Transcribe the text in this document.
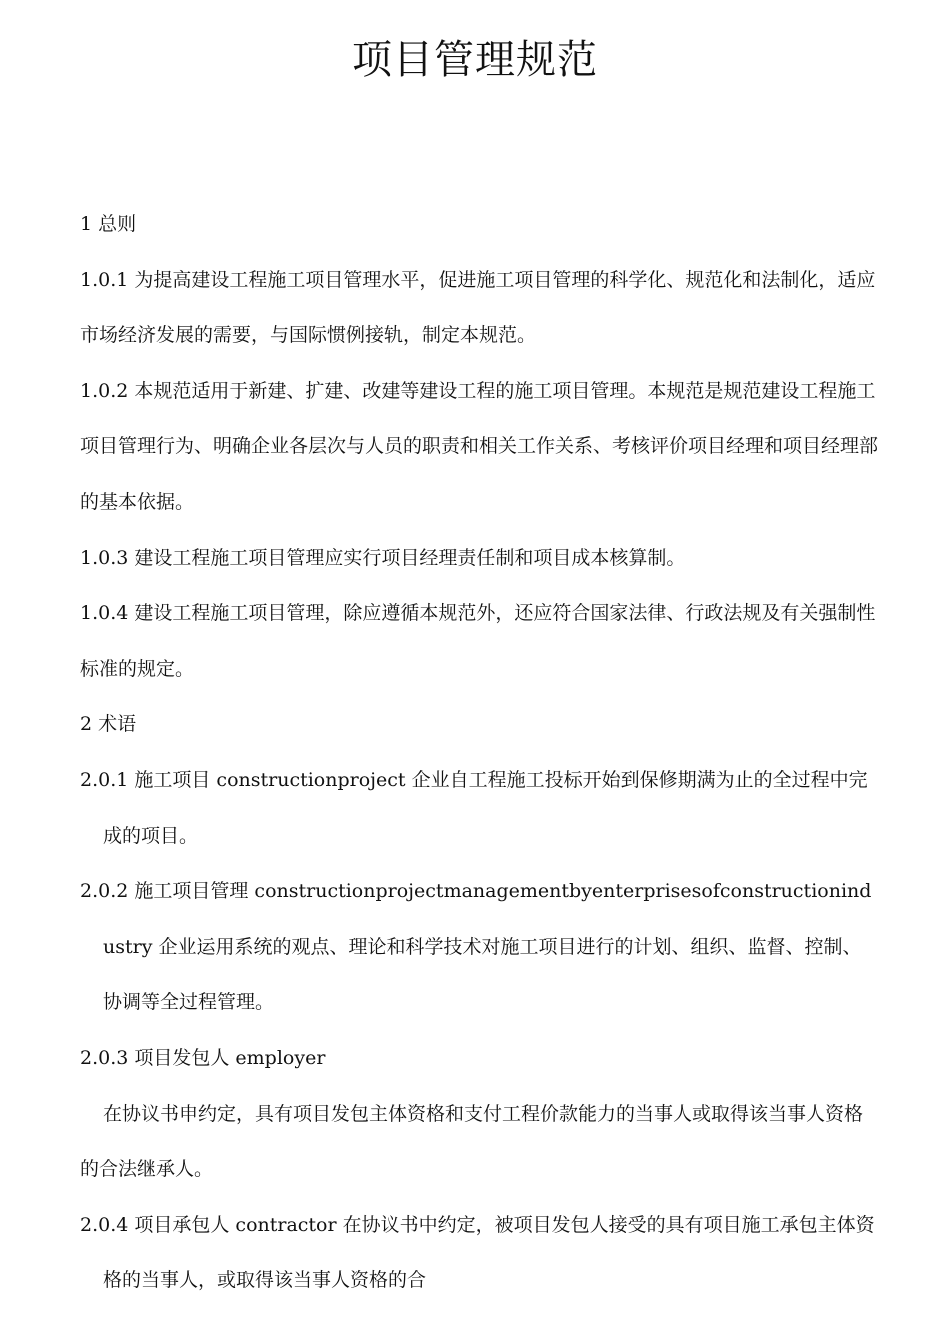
项目管理规范

1 总则

1.0.1 为提高建设工程施工项目管理水平，促进施工项目管理的科学化、规范化和法制化，适应市场经济发展的需要，与国际惯例接轨，制定本规范。

1.0.2 本规范适用于新建、扩建、改建等建设工程的施工项目管理。本规范是规范建设工程施工项目管理行为、明确企业各层次与人员的职责和相关工作关系、考核评价项目经理和项目经理部的基本依据。

1.0.3 建设工程施工项目管理应实行项目经理责任制和项目成本核算制。

1.0.4 建设工程施工项目管理，除应遵循本规范外，还应符合国家法律、行政法规及有关强制性标准的规定。

2 术语

2.0.1 施工项目 constructionproject 企业自工程施工投标开始到保修期满为止的全过程中完成的项目。

2.0.2 施工项目管理 constructionprojectmanagementbyenterprisesofconstructionindustry 企业运用系统的观点、理论和科学技术对施工项目进行的计划、组织、监督、控制、协调等全过程管理。

2.0.3 项目发包人 employer

在协议书申约定，具有项目发包主体资格和支付工程价款能力的当事人或取得该当事人资格的合法继承人。

2.0.4 项目承包人 contractor 在协议书中约定，被项目发包人接受的具有项目施工承包主体资格的当事人，或取得该当事人资格的合
